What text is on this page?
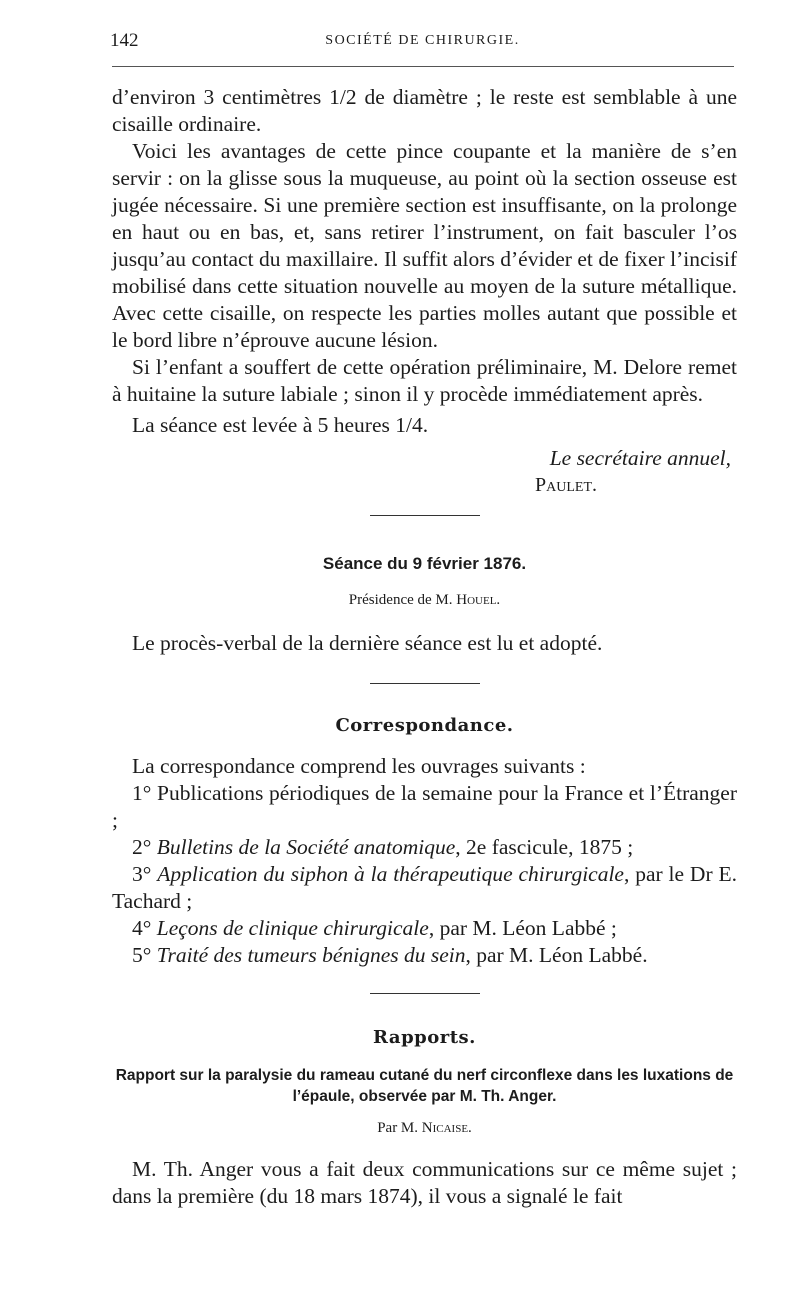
142	SOCIÉTÉ DE CHIRURGIE.

d’environ 3 centimètres 1/2 de diamètre ; le reste est semblable à une cisaille ordinaire.

Voici les avantages de cette pince coupante et la manière de s’en servir : on la glisse sous la muqueuse, au point où la section osseuse est jugée nécessaire. Si une première section est insuffisante, on la prolonge en haut ou en bas, et, sans retirer l’instrument, on fait basculer l’os jusqu’au contact du maxillaire. Il suffit alors d’évider et de fixer l’incisif mobilisé dans cette situation nouvelle au moyen de la suture métallique. Avec cette cisaille, on respecte les parties molles autant que possible et le bord libre n’éprouve aucune lésion.

Si l’enfant a souffert de cette opération préliminaire, M. Delore remet à huitaine la suture labiale ; sinon il y procède immédiatement après.

La séance est levée à 5 heures 1/4.

Le secrétaire annuel,

Paulet.

Séance du 9 février 1876.

Présidence de M. Houel.

Le procès-verbal de la dernière séance est lu et adopté.

Correspondance.

La correspondance comprend les ouvrages suivants :

1° Publications périodiques de la semaine pour la France et l’Étranger ;

2° Bulletins de la Société anatomique, 2e fascicule, 1875 ;

3° Application du siphon à la thérapeutique chirurgicale, par le Dr E. Tachard ;

4° Leçons de clinique chirurgicale, par M. Léon Labbé ;

5° Traité des tumeurs bénignes du sein, par M. Léon Labbé.

Rapports.

Rapport sur la paralysie du rameau cutané du nerf circonflexe dans les luxations de l’épaule, observée par M. Th. Anger.

Par M. Nicaise.

M. Th. Anger vous a fait deux communications sur ce même sujet ; dans la première (du 18 mars 1874), il vous a signalé le fait
